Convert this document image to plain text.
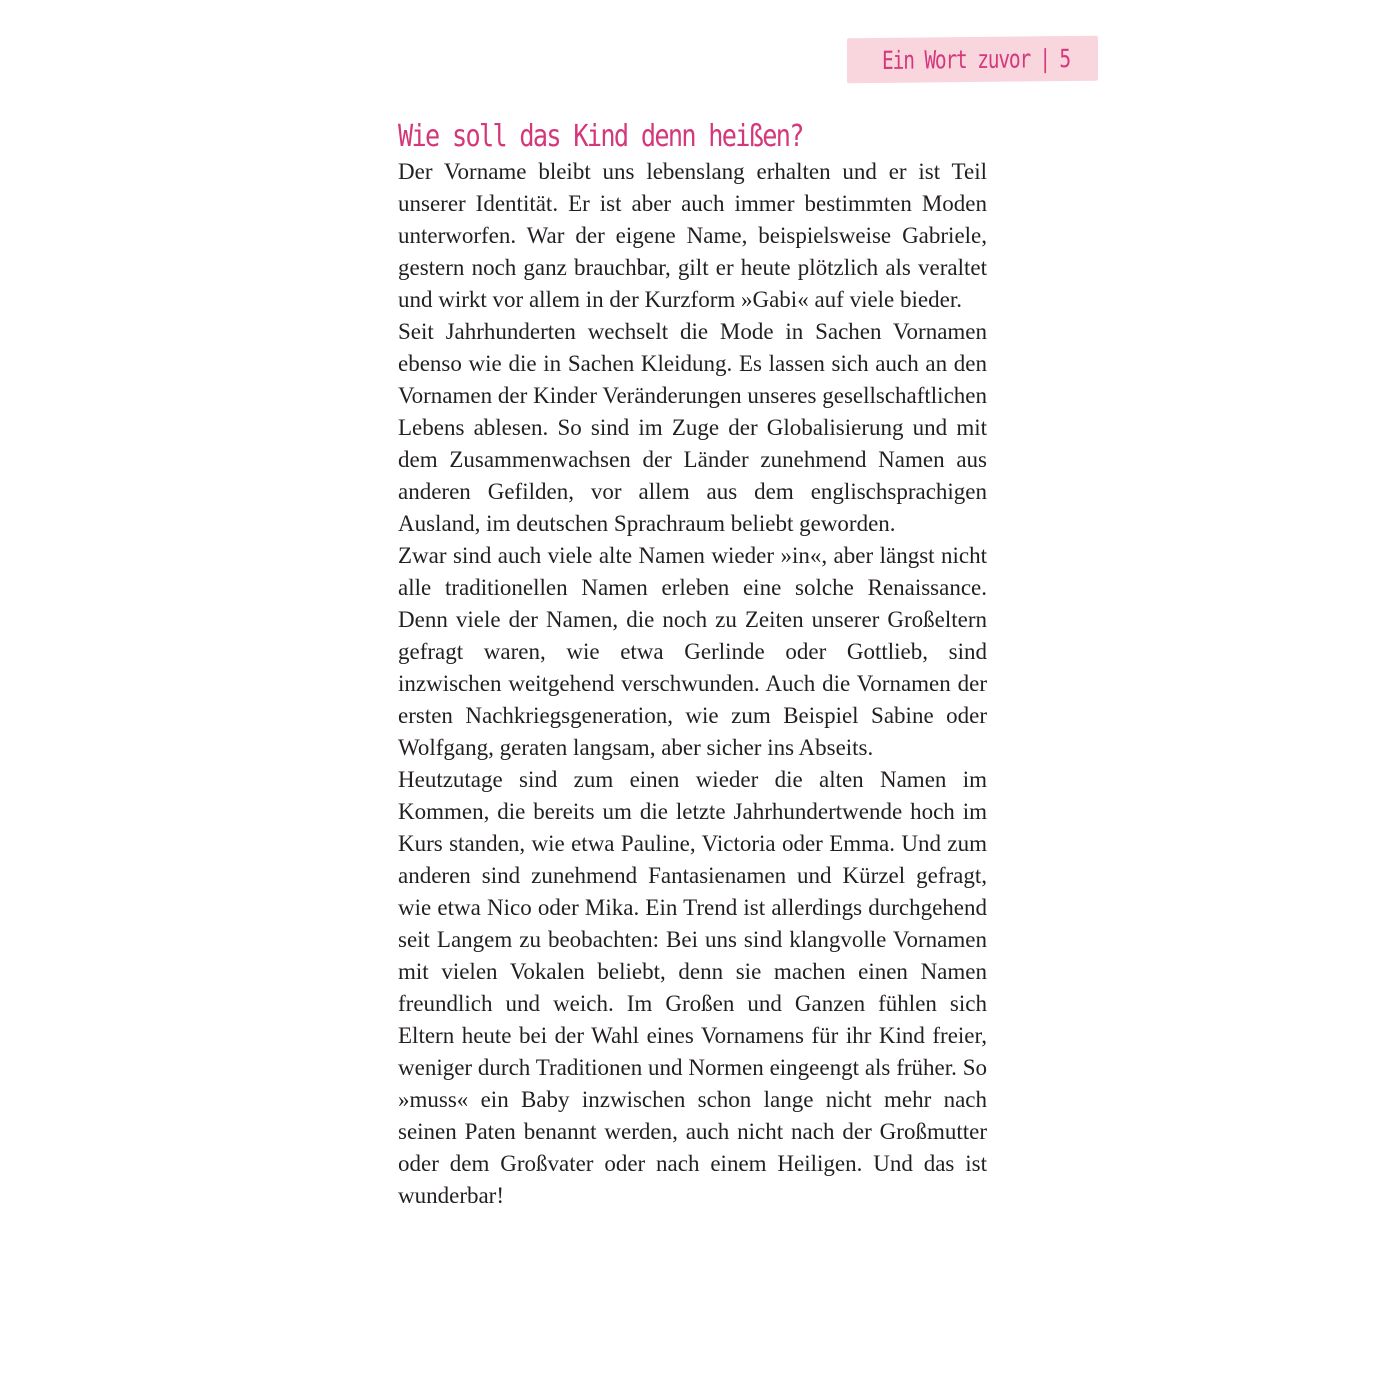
Ein Wort zuvor | 5
Wie soll das Kind denn heißen?

Der Vorname bleibt uns lebenslang erhalten und er ist Teil unserer Identität. Er ist aber auch immer bestimmten Moden unterworfen. War der eigene Name, beispielsweise Gabriele, gestern noch ganz brauchbar, gilt er heute plötzlich als veraltet und wirkt vor allem in der Kurzform »Gabi« auf viele bieder.

Seit Jahrhunderten wechselt die Mode in Sachen Vornamen ebenso wie die in Sachen Kleidung. Es lassen sich auch an den Vornamen der Kinder Veränderungen unseres gesellschaftlichen Lebens ablesen. So sind im Zuge der Globalisierung und mit dem Zusammenwachsen der Länder zunehmend Namen aus anderen Gefilden, vor allem aus dem englischsprachigen Ausland, im deutschen Sprachraum beliebt geworden.

Zwar sind auch viele alte Namen wieder »in«, aber längst nicht alle traditionellen Namen erleben eine solche Renaissance. Denn viele der Namen, die noch zu Zeiten unserer Großeltern gefragt waren, wie etwa Gerlinde oder Gottlieb, sind inzwischen weitgehend verschwunden. Auch die Vornamen der ersten Nachkriegsgeneration, wie zum Beispiel Sabine oder Wolfgang, geraten langsam, aber sicher ins Abseits.

Heutzutage sind zum einen wieder die alten Namen im Kommen, die bereits um die letzte Jahrhundertwende hoch im Kurs standen, wie etwa Pauline, Victoria oder Emma. Und zum anderen sind zunehmend Fantasienamen und Kürzel gefragt, wie etwa Nico oder Mika. Ein Trend ist allerdings durchgehend seit Langem zu beobachten: Bei uns sind klangvolle Vornamen mit vielen Vokalen beliebt, denn sie machen einen Namen freundlich und weich. Im Großen und Ganzen fühlen sich Eltern heute bei der Wahl eines Vornamens für ihr Kind freier, weniger durch Traditionen und Normen eingeengt als früher. So »muss« ein Baby inzwischen schon lange nicht mehr nach seinen Paten benannt werden, auch nicht nach der Großmutter oder dem Großvater oder nach einem Heiligen. Und das ist wunderbar!
